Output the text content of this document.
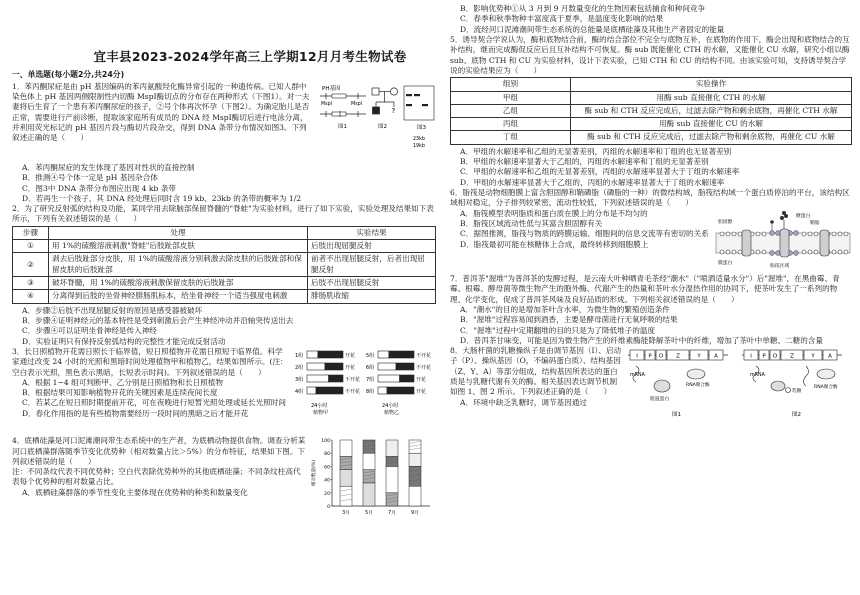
宜丰县2023-2024学年高三上学期12月月考生物试卷
一、单选题(每小题2分,共24分)

1．苯丙酮尿症是由 pH 基因编码的苯丙氨酸羟化酶异常引起的一种遗传病。已知人群中染色体上 pH 基因两侧限制性内切酶 MspⅠ酶切点的分布存在两种形式（下图1）。对一夫妻将后生育了一个患有苯丙酮尿症的孩子，②号个体再次怀孕（下图2）。为确定胎儿是否正常，需要进行产前诊断，提取该家庭所有成员的 DNA 经 MspⅠ酶切后进行电泳分离，并利用荧光标记的 pH 基因片段与酶切片段杂交，得到 DNA 条带分布情况如图3。下列叙述正确的是（　　）

PH基因
MspⅠ	MspⅠ
图1
?
图2	图3
23kb
19kb

A．苯丙酮尿症的发生体现了基因对性状的直接控制

B．推测④号个体一定是 pH 基因杂合体

C．图3中 DNA 条带分布图应出现 4 kb 条带

D．若再生一个孩子，其 DNA 经处理后同时含 19 kb、23kb 的条带的概率为 1/2

2．为了研究反射弧的结构及功能，某同学用去除脑部保留脊髓的"脊蛙"为实验材料，进行了如下实验，实验处理及结果如下表所示，下列有关叙述错误的是（　　）

步骤	处理	实验结果
①	用 1%的硫酸溶液刺激"脊蛙"后肢趾部皮肤	后肢出现屈腿反射
②	剥去后肢趾部分皮肤，用 1%的硫酸溶液分别刺激去除皮肤的后肢趾部和保留皮肤的后肢趾部	前者不出现屈腿反射，后者出现屈腿反射
③	破坏脊髓，用 1%的硫酸溶液刺激保留皮肤的后肢趾部	后肢不出现屈腿反射
④	分离得到后肢的坐骨神经腓肠肌标本，给坐骨神经一个适当强度电刺激	腓肠肌收缩

A．步骤②后肢不出现屈腿反射的原因是感受器被破坏

B．步骤④证明神经元的基本特性是受到刺激后会产生神经冲动并沿轴突传送出去

C．步骤④可以证明坐骨神经是传入神经

D．实验证明只有保持反射弧结构的完整性才能完成反射活动

3．长日照植物开花需日照长于临界值，短日照植物开花需日照短于临界值。科学家通过改变 24 小时的光照和黑暗时间处理植物甲和植物乙，结果如图所示。(注：空白表示光照，黑色表示黑暗，长短表示时间)。下列叙述错误的是（　　）

A．根据 1~4 组可判断甲、乙分别是日照植物和长日照植物

B．根据结果可知影响植物开花的关键因素是连续夜间长度

C．若某乙在短日照时期提前开花，可在夜晚进行短暂光照处理或延长光照时间

D．春化作用指的是有些植物需要经历一段时间的黑暗之后才能开花

1组	开花
2组	开花
3组	不开花
4组	不开花
24小时
植物甲
5组	不开花
6组	不开花
7组	开花
8组	开花
24小时
植物乙

4．底栖硅藻是河口泥滩潮间带生态系统中的生产者，为底栖动物提供食物。调查分析某河口底栖藻群落随季节变化优势种（相对数量占比＞5%）的分布特征，结果如下图。下列叙述错误的是（　　）

注：不同条纹代表不同优势种；空白代表除优势种外的其他底栖硅藻；不同条纹柱高代表每个优势种的相对数量占比。

A．底栖硅藻群落的季节性变化主要体现在优势种的种类和数量变化

100
80
60
40
20
0
相对数量(%)
3月	5月	7月	9月

B．影响优势种①从 3 月到 9 月数量变化的生物因素包括捕食和种间竞争

C．春季和秋季物种丰富度高于夏季，是温度变化影响的结果

D．流经河口泥滩潮间带生态系统的总能量是底栖硅藻及其他生产者固定的能量

5．诱导契合学说认为，酶和底物结合前，酶的结合部位不完全与底物互补，在底物的作用下，酶会出现和底物结合的互补结构，继而完成酶促反应后且互补结构不可恢复。酶 sub 既能催化 CTH 的水解，又能催化 CU 水解，研究小组以酶 sub、底物 CTH 和 CU 为实验材料，设计下表实验，已知 CTH 和 CU 的结构不同。由该实验可知，支持诱导契合学说的实验结果应为（　　）

组别	实验操作
甲组	用酶 sub 直接催化 CTH 的水解
乙组	酶 sub 和 CTH 反应完成后，过滤去除产物和剩余底物，再催化 CTH 水解
丙组	用酶 sub 直接催化 CU 的水解
丁组	酶 sub 和 CTH 反应完成后，过滤去除产物和剩余底物，再催化 CU 水解

A．甲组的水解速率和乙组的无显著差别，丙组的水解速率和丁组的也无显著差别

B．甲组的水解速率显著大于乙组的，丙组的水解速率和丁组的无显著差别

C．甲组的水解速率和乙组的无显著差别，丙组的水解速率显著大于丁组的水解速率

D．甲组的水解速率显著大于乙组的，丙组的水解速率显著大于丁组的水解速率

6．脂筏是动物细胞膜上富含胆固醇和鞘磷脂（磷脂的一种）的微结构域，脂筏结构域一个蛋白质停泊的平台，该结构区域相对稳定，分子排列较紧密，流动性较低，下列叙述错误的是（　　）

A．脂筏模型表明脂质和蛋白质在膜上的分布是不均匀的

B．脂筏区域流动性低与其富含胆固醇有关

C．据图推测，脂筏与物质的跨膜运输、细胞间的信息交流等有密切的关系

D．脂筏最初可能在核糖体上合成，最终转移到细胞膜上

糖蛋白
鞘脂
胆固醇
膜蛋白
脂筏区域

7．普洱茶"渥堆"为普洱茶的发酵过程，是云南大叶种晒青毛茶经"潮水"（"喷洒适量水分"）后"渥堆"，在黑曲霉、青霉、根霉、酵母菌等微生物产生的胞外酶、代谢产生的热量和茶叶水分湿热作用的协同下，使茶叶发生了一系列的物理、化学变化，促成了普洱茶风味及良好品质的形成。下列相关叙述错误的是（　　）

A．"潮水"的目的是增加茶叶含水率，为微生物的繁殖创造条件

B．"渥堆"过程容易闻到酒香，主要是酵母菌进行无氧呼吸的结果

C．"渥堆"过程中定期翻堆的目的只是为了降低堆子的温度

D．普洱茶甘味变，可能是因为微生物产生的纤维素酶能降解茶叶中的纤维，增加了茶叶中单糖、二糖的含量

8．大肠杆菌的乳糖操纵子是由调节基因（I）、启动子（P）、操纵基因（O，不编码蛋白质）、结构基因（Z、Y、A）等部分组成，结构基因所表达的蛋白质是与乳糖代谢有关的酶。相关基因表达调节机制如图 1、图 2 所示。下列叙述正确的是（　　）

A．环境中缺乏乳糖时，调节基因通过

I P O Z	Y A	I P O Z	Y A
mRNA
阻遏蛋白
RNA聚合酶
图1
mRNA
乳糖
RNA聚合酶
图2
